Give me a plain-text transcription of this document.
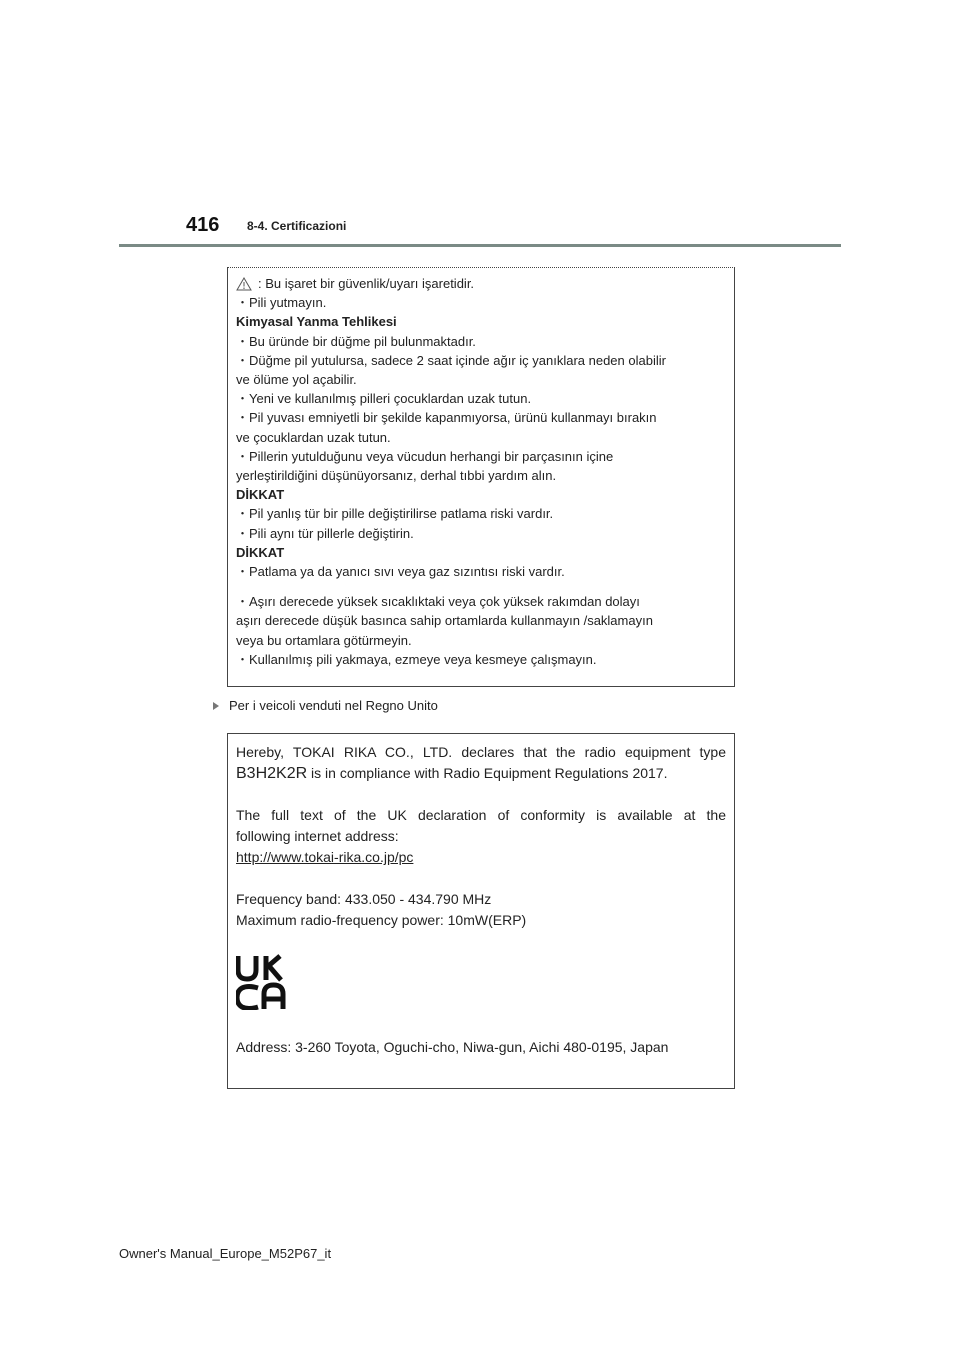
416 8-4. Certificazioni
: Bu işaret bir güvenlik/uyarı işaretidir.
・Pili yutmayın.
Kimyasal Yanma Tehlikesi
・Bu üründe bir düğme pil bulunmaktadır.
・Düğme pil yutulursa, sadece 2 saat içinde ağır iç yanıklara neden olabilir
ve ölüme yol açabilir.
・Yeni ve kullanılmış pilleri çocuklardan uzak tutun.
・Pil yuvası emniyetli bir şekilde kapanmıyorsa, ürünü kullanmayı bırakın
ve çocuklardan uzak tutun.
・Pillerin yutulduğunu veya vücudun herhangi bir parçasının içine
yerleştirildiğini düşünüyorsanız, derhal tıbbi yardım alın.
DİKKAT
・Pil yanlış tür bir pille değiştirilirse patlama riski vardır.
・Pili aynı tür pillerle değiştirin.
DİKKAT
・Patlama ya da yanıcı sıvı veya gaz sızıntısı riski vardır.
・Aşırı derecede yüksek sıcaklıktaki veya çok yüksek rakımdan dolayı
aşırı derecede düşük basınca sahip ortamlarda kullanmayın /saklamayın
veya bu ortamlara götürmeyin.
・Kullanılmış pili yakmaya, ezmeye veya kesmeye çalışmayın.
Per i veicoli venduti nel Regno Unito
Hereby, TOKAI RIKA CO., LTD. declares that the radio equipment type
B3H2K2R is in compliance with Radio Equipment Regulations 2017.
The full text of the UK declaration of conformity is available at the
following internet address:
http://www.tokai-rika.co.jp/pc
Frequency band: 433.050 - 434.790 MHz
Maximum radio-frequency power: 10mW(ERP)
Address: 3-260 Toyota, Oguchi-cho, Niwa-gun, Aichi 480-0195, Japan
Owner's Manual_Europe_M52P67_it
